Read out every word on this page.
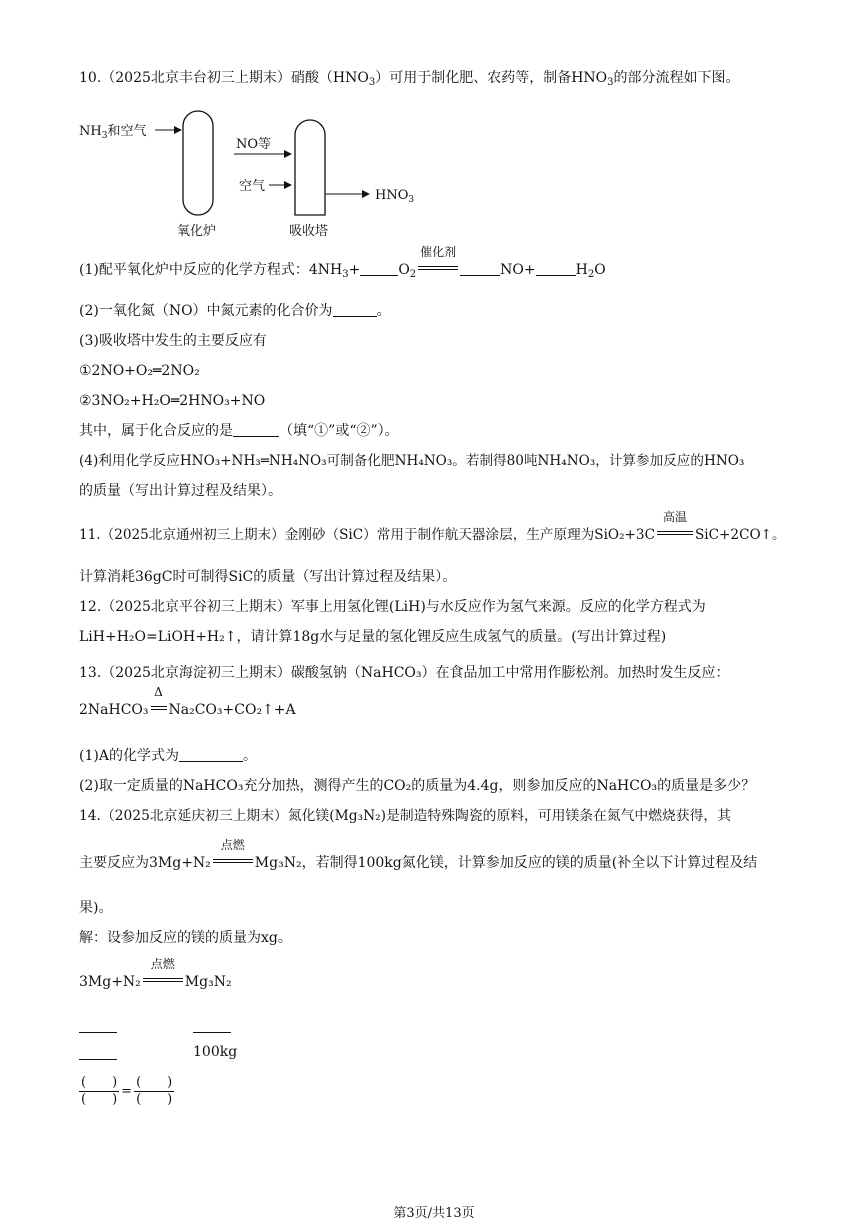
10.（2025北京丰台初三上期末）硝酸$(HNO_3)$可用于制化肥、农药等，制备$HNO_3$的部分流程如下图。
$NH_3$和空气
氧化炉
NO等
空气
$HNO_3$
吸收塔
(1)配平氧化炉中反应的化学方程式：$4NH_3+$	$O_2$
催化剂
NO+	$H_2O$
(2)一氧化氮（NO）中氮元素的化合价为	。
(3)吸收塔中发生的主要反应有
①2NO+O₂═2NO₂
②3NO₂+H₂O═2HNO₃+NO
其中，属于化合反应的是	（填“①”或“②”）。
(4)利用化学反应HNO₃+NH₃═NH₄NO₃可制备化肥NH₄NO₃。若制得80吨NH₄NO₃，计算参加反应的HNO₃
的质量（写出计算过程及结果）。
11.（2025北京通州初三上期末）金刚砂（SiC）常用于制作航天器涂层，生产原理为SiO₂+3C
高温
SiC+2CO↑。
计算消耗36gC时可制得SiC的质量（写出计算过程及结果）。
12.（2025北京平谷初三上期末）军事上用氢化锂(LiH)与水反应作为氢气来源。反应的化学方程式为
LiH+H₂O=LiOH+H₂↑，请计算18g水与足量的氢化锂反应生成氢气的质量。(写出计算过程)
13.（2025北京海淀初三上期末）碳酸氢钠（NaHCO₃）在食品加工中常用作膨松剂。加热时发生反应：
2NaHCO₃
Δ
Na₂CO₃+CO₂↑+A
(1)A的化学式为	。
(2)取一定质量的NaHCO₃充分加热，测得产生的CO₂的质量为4.4g，则参加反应的NaHCO₃的质量是多少？
14.（2025北京延庆初三上期末）氮化镁(Mg₃N₂)是制造特殊陶瓷的原料，可用镁条在氮气中燃烧获得，其
主要反应为3Mg+N₂
点燃
Mg₃N₂，若制得100kg氮化镁，计算参加反应的镁的质量(补全以下计算过程及结
果)。
解：设参加反应的镁的质量为xg。
3Mg+N₂
点燃
Mg₃N₂
100kg
(　　)	=	(　　)
(　　)		(　　)
第3页/共13页
